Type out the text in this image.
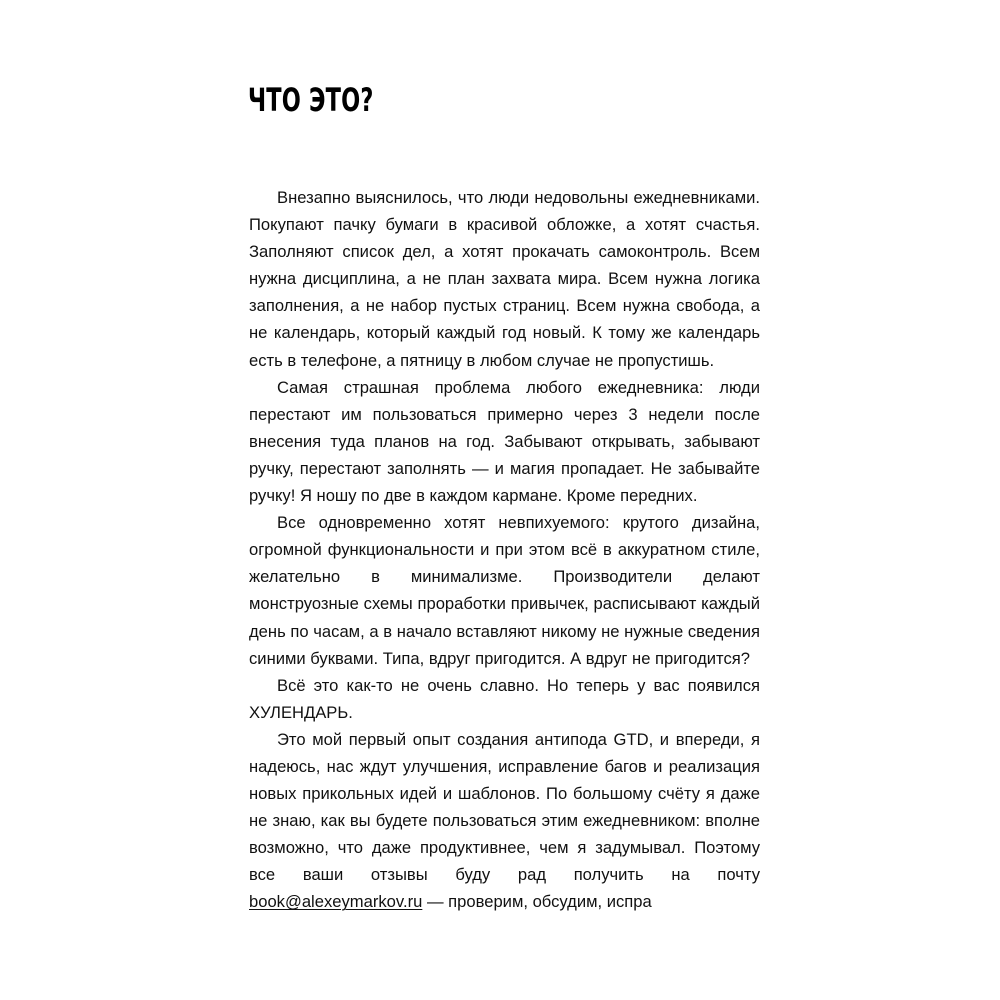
ЧТО ЭТО?

Внезапно выяснилось, что люди недовольны ежедневниками. Покупают пачку бумаги в красивой обложке, а хотят счастья. Заполняют список дел, а хотят прокачать самоконтроль. Всем нужна дисциплина, а не план захвата мира. Всем нужна логика заполнения, а не набор пустых страниц. Всем нужна свобода, а не календарь, который каждый год новый. К тому же календарь есть в телефоне, а пятницу в любом случае не пропустишь.

Самая страшная проблема любого ежедневника: люди перестают им пользоваться примерно через 3 недели после внесения туда планов на год. Забывают открывать, забывают ручку, перестают заполнять — и магия пропадает. Не забывайте ручку! Я ношу по две в каждом кармане. Кроме передних.

Все одновременно хотят невпихуемого: крутого дизайна, огромной функциональности и при этом всё в аккуратном стиле, желательно в минимализме. Производители делают монструозные схемы проработки привычек, расписывают каждый день по часам, а в начало вставляют никому не нужные сведения синими буквами. Типа, вдруг пригодится. А вдруг не пригодится?

Всё это как-то не очень славно. Но теперь у вас появился ХУЛЕНДАРЬ.

Это мой первый опыт создания антипода GTD, и впереди, я надеюсь, нас ждут улучшения, исправление багов и реализация новых прикольных идей и шаблонов. По большому счёту я даже не знаю, как вы будете пользоваться этим ежедневником: вполне возможно, что даже продуктивнее, чем я задумывал. Поэтому все ваши отзывы буду рад получить на почту book@alexeymarkov.ru — проверим, обсудим, испра
